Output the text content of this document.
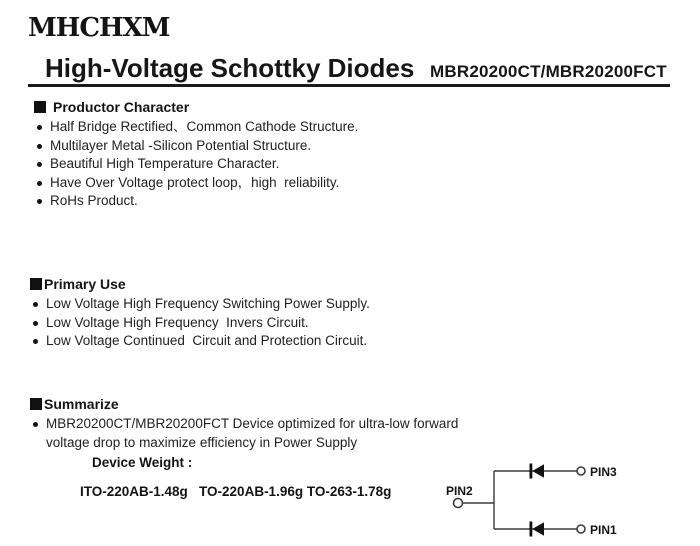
MHCHXM
High-Voltage Schottky Diodes MBR20200CT/MBR20200FCT
Productor Character
Half Bridge Rectified、Common Cathode Structure.
Multilayer Metal -Silicon Potential Structure.
Beautiful High Temperature Character.
Have Over Voltage protect loop，high  reliability.
RoHs Product.
Primary Use
Low Voltage High Frequency Switching Power Supply.
Low Voltage High Frequency  Invers Circuit.
Low Voltage Continued  Circuit and Protection Circuit.
Summarize
MBR20200CT/MBR20200FCT Device optimized for ultra-low forward voltage drop to maximize efficiency in Power Supply
Device Weight :
ITO-220AB-1.48g   TO-220AB-1.96g TO-263-1.78g	PIN2
PIN3
PIN1
